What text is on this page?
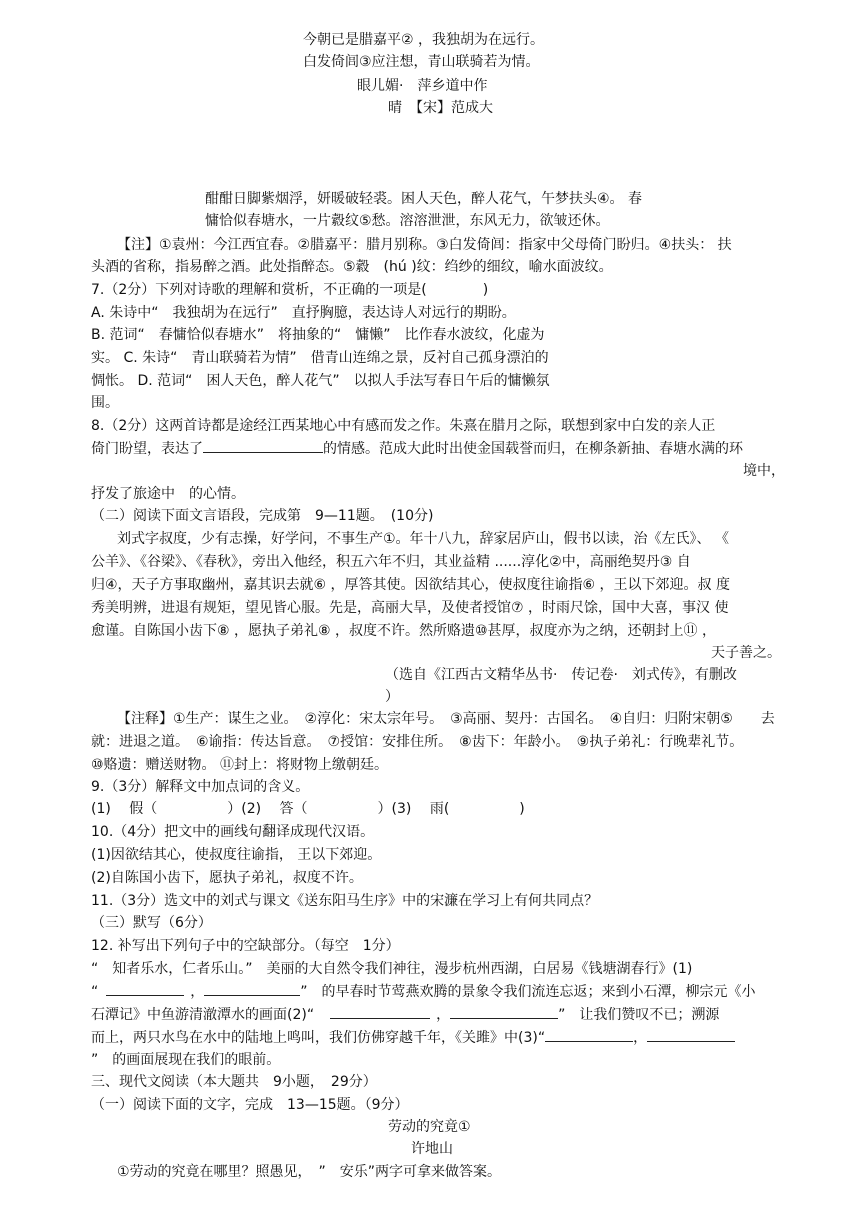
今朝已是腊嘉平② ，我独胡为在远行。
白发倚闾③应注想，青山联骑若为情。
眼儿媚·　萍乡道中作
晴　【宋】范成大
酣酣日脚紫烟浮，妍暖破轻裘。困人天色，醉人花气，午梦扶头④。 春
慵恰似春塘水，一片縠纹⑤愁。溶溶泄泄，东风无力，欲皱还休。
【注】①袁州：今江西宜春。②腊嘉平：腊月别称。③白发倚闾：指家中父母倚门盼归。④扶头： 扶
头酒的省称，指易醉之酒。此处指醉态。⑤縠　(hú )纹：绉纱的细纹，喻水面波纹。
7.（2分）下列对诗歌的理解和赏析，不正确的一项是(　　　　)
A. 朱诗中“　我独胡为在远行”　直抒胸臆，表达诗人对远行的期盼。
B. 范词“　春慵恰似春塘水”　将抽象的“　慵懒”　比作春水波纹，化虚为
实。 C. 朱诗“　青山联骑若为情”　借青山连绵之景，反衬自己孤身漂泊的
惆怅。 D. 范词“　困人天色，醉人花气”　以拟人手法写春日午后的慵懒氛
围。
8.（2分）这两首诗都是途经江西某地心中有感而发之作。朱熹在腊月之际，联想到家中白发的亲人正
倚门盼望，表达了	的情感。范成大此时出使金国载誉而归，在柳条新抽、春塘水满的环
境中，
抒发了旅途中　的心情。
（二）阅读下面文言语段，完成第　9—11题。　(10分)
刘式字叔度，少有志操，好学问，不事生产①。年十八九，辞家居庐山，假书以读，治《左氏》、 《
公羊》、《谷梁》、《春秋》，旁出入他经，积五六年不归，其业益精 ......淳化②中，高丽绝契丹③ 自
归④，天子方事取幽州，嘉其识去就⑥ ，厚答其使。因欲结其心，使叔度往谕指⑥ ，王以下郊迎。叔 度
秀美明辨，进退有规矩，望见皆心服。先是，高丽大旱，及使者授馆⑦ ，时雨尺馀，国中大喜，事汉 使
愈谨。自陈国小齿下⑧ ，愿执子弟礼⑧ ，叔度不许。然所赂遗⑩甚厚，叔度亦为之纳，还朝封上⑪ ，
天子善之。
（选自《江西古文精华丛书·　传记卷·　刘式传》，有删改
）
【注释】①生产：谋生之业。　②淳化：宋太宗年号。　③高丽、契丹：古国名。　④自归：归附宋朝⑤　　去
就：进退之道。　⑥谕指：传达旨意。　⑦授馆：安排住所。　⑧齿下：年龄小。　⑨执子弟礼：行晚辈礼节。
⑩赂遗：赠送财物。 ⑪封上：将财物上缴朝廷。
9.（3分）解释文中加点词的含义。
(1)　 假（　　　　　）(2)　 答（　　　　　）(3)　 雨(　　　　　)
10.（4分）把文中的画线句翻译成现代汉语。
(1)因欲结其心，使叔度往谕指， 王以下郊迎。
(2)自陈国小齿下，愿执子弟礼，叔度不许。
11.（3分）选文中的刘式与课文《送东阳马生序》中的宋濂在学习上有何共同点？
（三）默写（6分）
12. 补写出下列句子中的空缺部分。（每空　1分）
“　知者乐水，仁者乐山。”　美丽的大自然令我们神往，漫步杭州西湖，白居易《钱塘湖春行》(1)
“	，	”　的早春时节莺燕欢腾的景象令我们流连忘返；来到小石潭，柳宗元《小
石潭记》中鱼游清澈潭水的画面(2)“	，	”　让我们赞叹不已；溯源
而上，两只水鸟在水中的陆地上鸣叫，我们仿佛穿越千年，《关雎》中(3)“	，
”　的画面展现在我们的眼前。
三、现代文阅读（本大题共　9小题，　29分）
（一）阅读下面的文字，完成　13—15题。（9分）
劳动的究竟①
许地山
①劳动的究竟在哪里？照愚见，　”　安乐”两字可拿来做答案。
